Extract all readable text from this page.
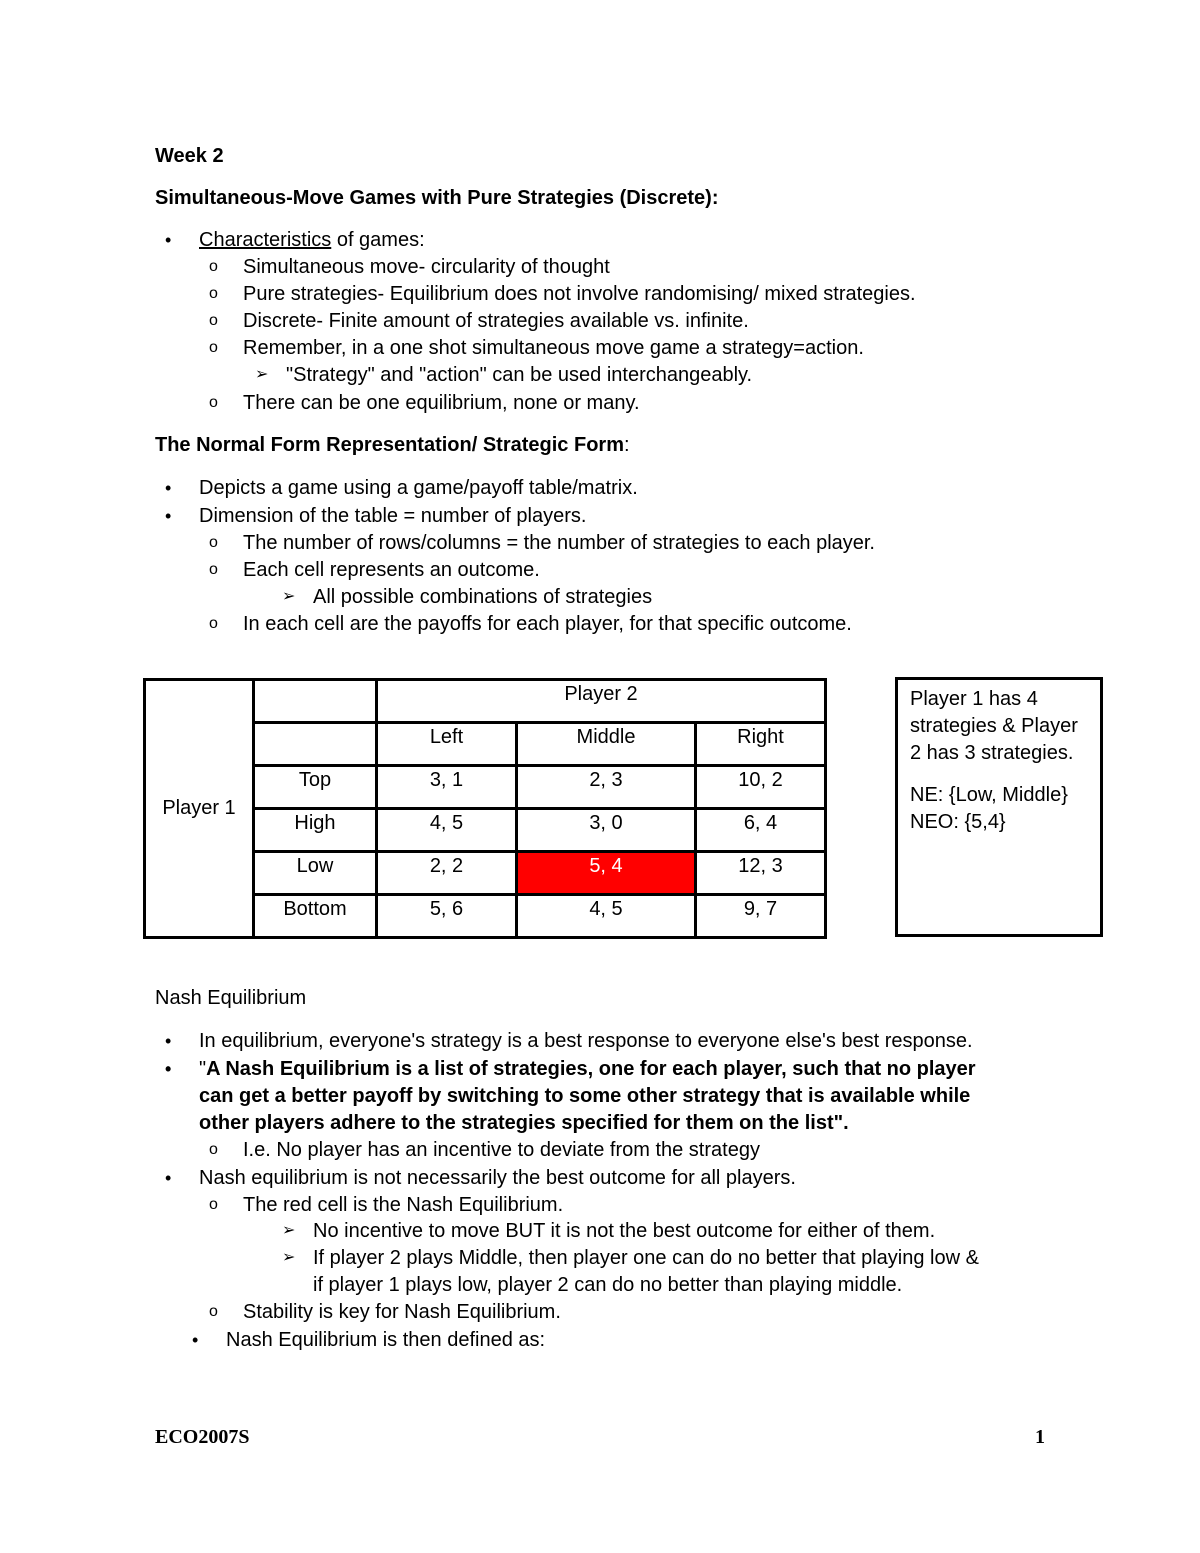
Week 2
Simultaneous-Move Games with Pure Strategies (Discrete):
• Characteristics of games:
o Simultaneous move- circularity of thought
o Pure strategies- Equilibrium does not involve randomising/ mixed strategies.
o Discrete- Finite amount of strategies available vs. infinite.
o Remember, in a one shot simultaneous move game a strategy=action.
➢ "Strategy" and "action" can be used interchangeably.
o There can be one equilibrium, none or many.
The Normal Form Representation/ Strategic Form:
• Depicts a game using a game/payoff table/matrix.
• Dimension of the table = number of players.
o The number of rows/columns = the number of strategies to each player.
o Each cell represents an outcome.
➢ All possible combinations of strategies
o In each cell are the payoffs for each player, for that specific outcome.
Player 1		Player 2		
		Left	Middle	Right
	Top	3, 1	2, 3	10, 2
	High	4, 5	3, 0	6, 4
	Low	2, 2	5, 4	12, 3
	Bottom	5, 6	4, 5	9, 7
Player 1 has 4
strategies & Player
2 has 3 strategies.
NE: {Low, Middle}
NEO: {5,4}
Nash Equilibrium
• In equilibrium, everyone's strategy is a best response to everyone else's best response.
• "A Nash Equilibrium is a list of strategies, one for each player, such that no player
can get a better payoff by switching to some other strategy that is available while
other players adhere to the strategies specified for them on the list".
o I.e. No player has an incentive to deviate from the strategy
• Nash equilibrium is not necessarily the best outcome for all players.
o The red cell is the Nash Equilibrium.
➢ No incentive to move BUT it is not the best outcome for either of them.
➢ If player 2 plays Middle, then player one can do no better that playing low &
if player 1 plays low, player 2 can do no better than playing middle.
o Stability is key for Nash Equilibrium.
• Nash Equilibrium is then defined as:
ECO2007S	1
